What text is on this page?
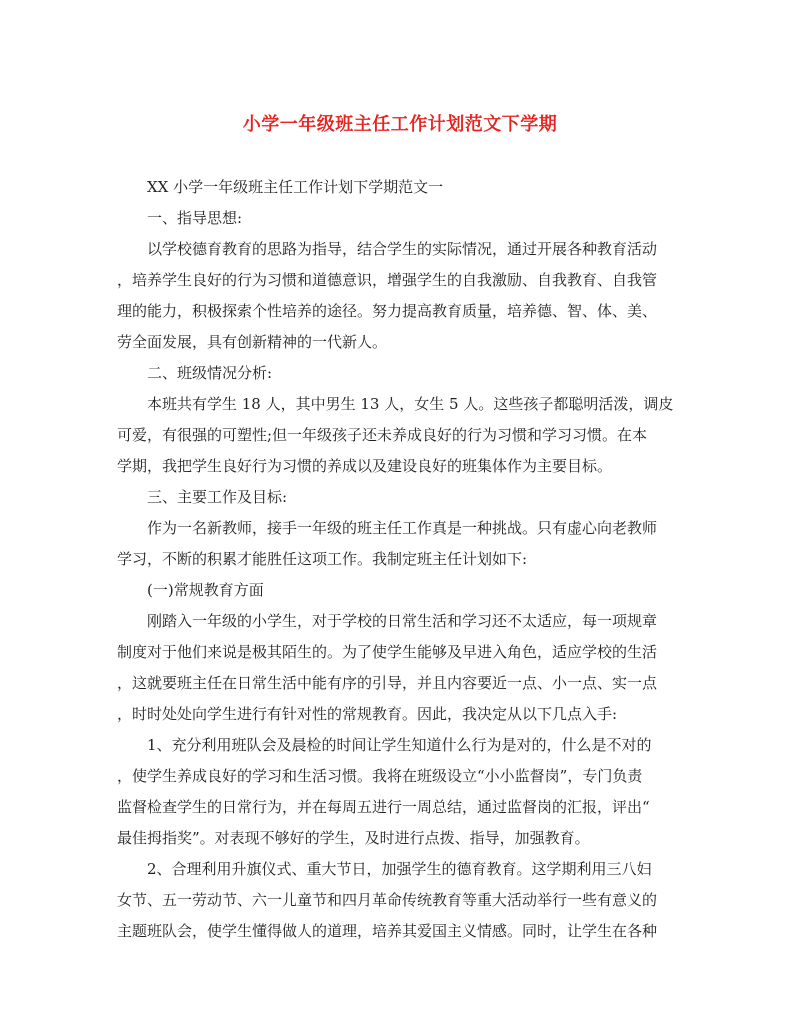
小学一年级班主任工作计划范文下学期
XX 小学一年级班主任工作计划下学期范文一
一、指导思想:
以学校德育教育的思路为指导，结合学生的实际情况，通过开展各种教育活动
，培养学生良好的行为习惯和道德意识，增强学生的自我激励、自我教育、自我管
理的能力，积极探索个性培养的途径。努力提高教育质量，培养德、智、体、美、
劳全面发展，具有创新精神的一代新人。
二、班级情况分析:
本班共有学生 18 人，其中男生 13 人，女生 5 人。这些孩子都聪明活泼，调皮
可爱，有很强的可塑性;但一年级孩子还未养成良好的行为习惯和学习习惯。在本
学期，我把学生良好行为习惯的养成以及建设良好的班集体作为主要目标。
三、主要工作及目标:
作为一名新教师，接手一年级的班主任工作真是一种挑战。只有虚心向老教师
学习，不断的积累才能胜任这项工作。我制定班主任计划如下:
(一)常规教育方面
刚踏入一年级的小学生，对于学校的日常生活和学习还不太适应，每一项规章
制度对于他们来说是极其陌生的。为了使学生能够及早进入角色，适应学校的生活
，这就要班主任在日常生活中能有序的引导，并且内容要近一点、小一点、实一点
，时时处处向学生进行有针对性的常规教育。因此，我决定从以下几点入手:
1、充分利用班队会及晨检的时间让学生知道什么行为是对的，什么是不对的
，使学生养成良好的学习和生活习惯。我将在班级设立“小小监督岗”，专门负责
监督检查学生的日常行为，并在每周五进行一周总结，通过监督岗的汇报，评出“
最佳拇指奖”。对表现不够好的学生，及时进行点拨、指导，加强教育。
2、合理利用升旗仪式、重大节日，加强学生的德育教育。这学期利用三八妇
女节、五一劳动节、六一儿童节和四月革命传统教育等重大活动举行一些有意义的
主题班队会，使学生懂得做人的道理，培养其爱国主义情感。同时，让学生在各种
